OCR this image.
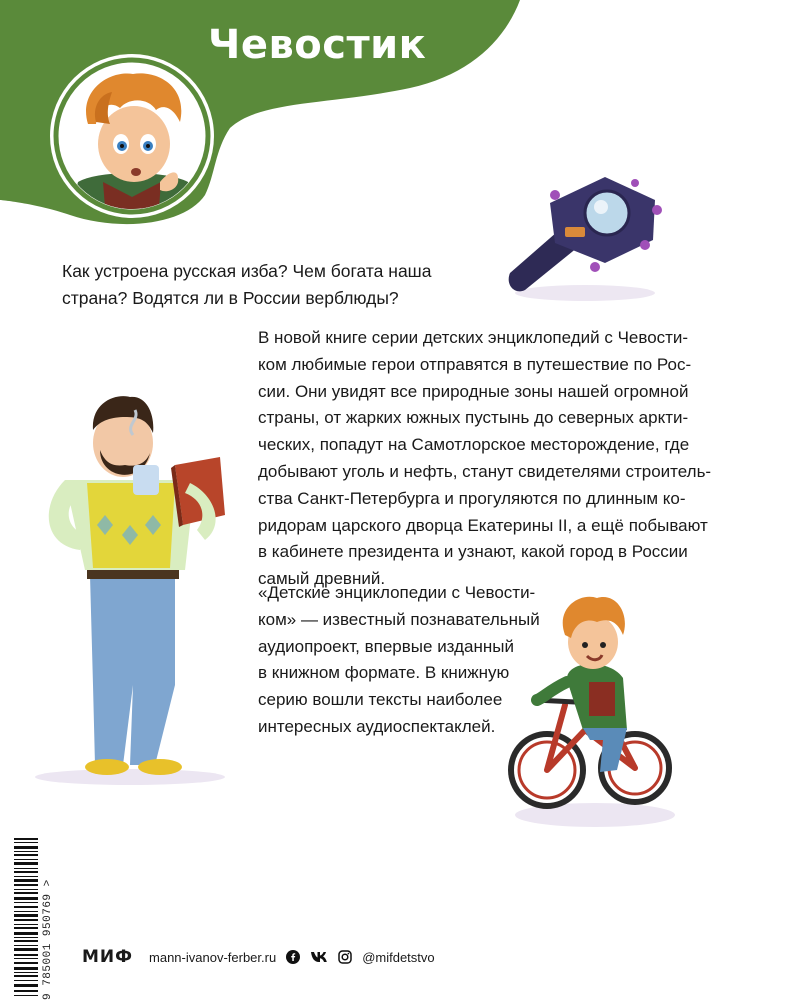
Чевостик
Как устроена русская изба? Чем богата наша
страна? Водятся ли в России верблюды?
В новой книге серии детских энциклопедий с Чевости-
ком любимые герои отправятся в путешествие по Рос-
сии. Они увидят все природные зоны нашей огромной
страны, от жарких южных пустынь до северных аркти-
ческих, попадут на Самотлорское месторождение, где
добывают уголь и нефть, станут свидетелями строитель-
ства Санкт-Петербурга и прогуляются по длинным ко-
ридорам царского дворца Екатерины II, а ещё побывают
в кабинете президента и узнают, какой город в России
самый древний.
«Детские энциклопедии с Чевости-
ком» — известный познавательный
аудиопроект, впервые изданный
в книжном формате. В книжную
серию вошли тексты наиболее
интересных аудиоспектаклей.
9 785001 950769 > МИФ mann-ivanov-ferber.ru	@mifdetstvo
